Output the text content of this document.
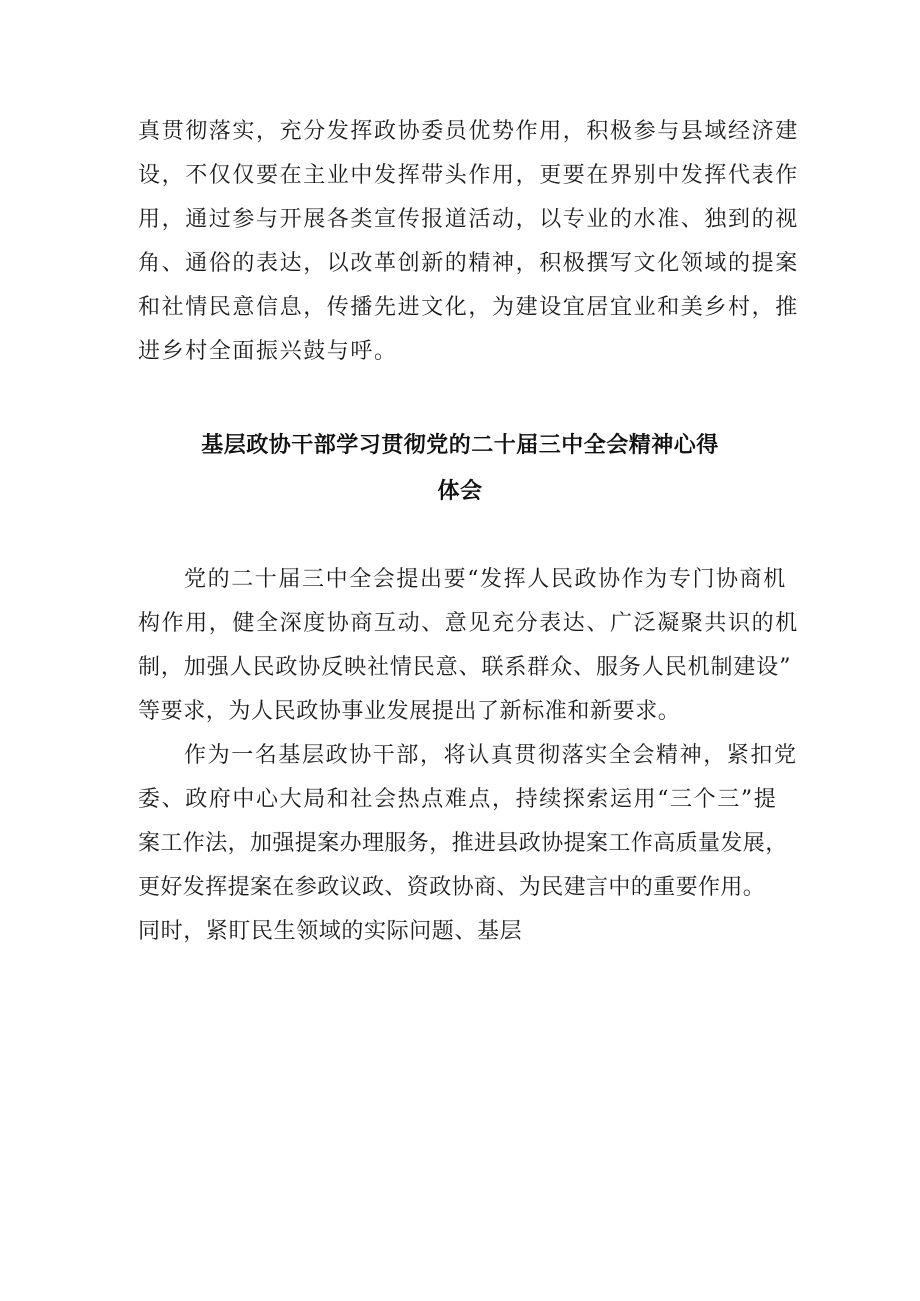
真贯彻落实，充分发挥政协委员优势作用，积极参与县域经济建
设，不仅仅要在主业中发挥带头作用，更要在界别中发挥代表作
用，通过参与开展各类宣传报道活动，以专业的水准、独到的视
角、通俗的表达，以改革创新的精神，积极撰写文化领域的提案
和社情民意信息，传播先进文化，为建设宜居宜业和美乡村，推
进乡村全面振兴鼓与呼。
基层政协干部学习贯彻党的二十届三中全会精神心得
体会
党的二十届三中全会提出要“发挥人民政协作为专门协商机
构作用，健全深度协商互动、意见充分表达、广泛凝聚共识的机
制，加强人民政协反映社情民意、联系群众、服务人民机制建设”
等要求，为人民政协事业发展提出了新标准和新要求。
作为一名基层政协干部，将认真贯彻落实全会精神，紧扣党
委、政府中心大局和社会热点难点，持续探索运用“三个三”提
案工作法，加强提案办理服务，推进县政协提案工作高质量发展，
更好发挥提案在参政议政、资政协商、为民建言中的重要作用。
同时，紧盯民生领域的实际问题、基层
